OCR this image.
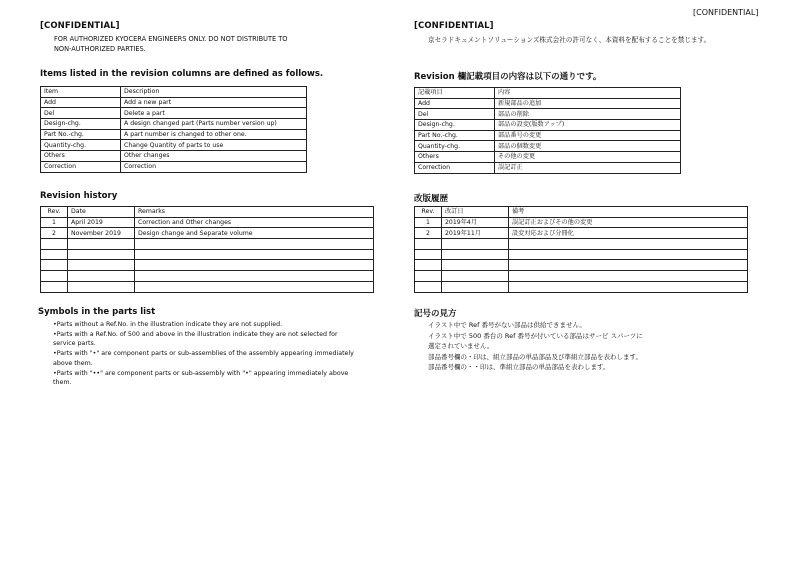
[CONFIDENTIAL]
[CONFIDENTIAL]
FOR AUTHORIZED KYOCERA ENGINEERS ONLY. DO NOT DISTRIBUTE TO
NON-AUTHORIZED PARTIES.
Items listed in the revision columns are defined as follows.
Item	Description
Add	Add a new part
Del	Delete a part
Design-chg.	A design changed part (Parts number version up)
Part No.-chg.	A part number is changed to other one.
Quantity-chg.	Change Quantity of parts to use
Others	Other changes
Correction	Correction
Revision history
Rev.	Date	Remarks
1	April 2019	Correction and Other changes
2	November 2019	Design change and Separate volume

Symbols in the parts list

•Parts without a Ref.No. in the illustration indicate they are not supplied.

•Parts with a Ref.No. of 500 and above in the illustration indicate they are not selected for

service parts.

•Parts with "•" are component parts or sub-assemblies of the assembly appearing immediately

above them.

•Parts with "••" are component parts or sub-assembly with "•" appearing immediately above

them.

[CONFIDENTIAL]
京セラドキュメントソリューションズ株式会社の許可なく、本資料を配布することを禁じます。
Revision 欄記載項目の内容は以下の通りです。
記載項目	内容
Add	新規部品の追加
Del	部品の削除
Design-chg.	部品の設変(版数アップ)
Part No.-chg.	部品番号の変更
Quantity-chg.	部品の個数変更
Others	その他の変更
Correction	誤記訂正
改版履歴
Rev.	改訂日	備考
1	2019年4月	誤記訂正およびその他の変更
2	2019年11月	設変対応および分冊化

記号の見方

イラスト中で Ref 番号がない部品は供給できません。

イラスト中で 500 番台の Ref 番号が付いている部品はサービ スパーツに

選定されていません。

部品番号欄の・印は、組立部品の単品部品及び準組立部品を表わします。

部品番号欄の・・印は、準組立部品の単品部品を表わします。
